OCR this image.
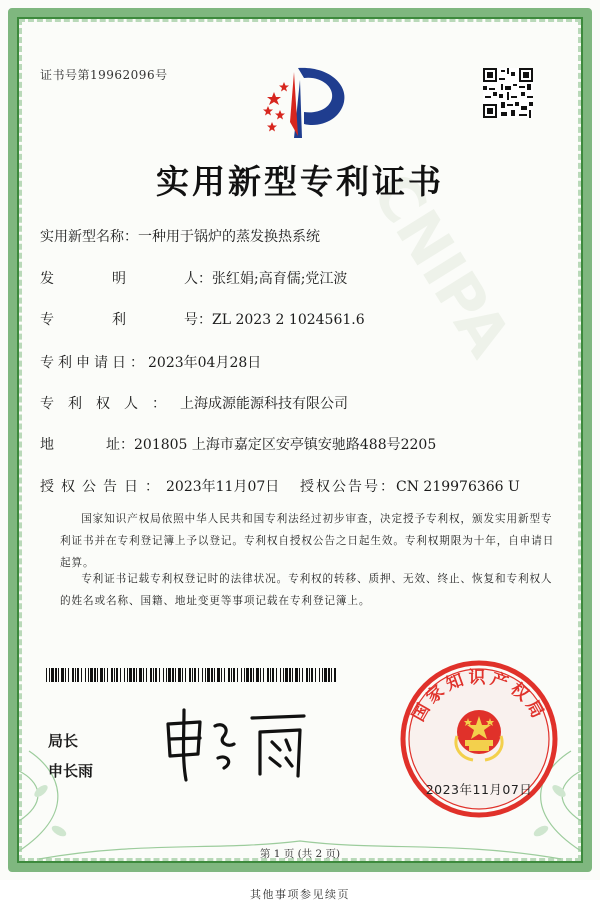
CNIPA
证书号第19962096号
实用新型专利证书
实用新型名称：一种用于锅炉的蒸发换热系统
发明人：张红娟;高育儒;党江波
专利号：ZL 2023 2 1024561.6
专利申请日：2023年04月28日
专利权人：上海成源能源科技有限公司
地	址：201805 上海市嘉定区安亭镇安驰路488号2205
授权公告日：2023年11月07日 授权公告号：CN 219976366 U
国家知识产权局依照中华人民共和国专利法经过初步审查，决定授予专利权，颁发实用新型专利证书并在专利登记簿上予以登记。专利权自授权公告之日起生效。专利权期限为十年，自申请日起算。
专利证书记载专利权登记时的法律状况。专利权的转移、质押、无效、终止、恢复和专利权人的姓名或名称、国籍、地址变更等事项记载在专利登记簿上。
局长
申长雨
国家知识产权局
2023年11月07日
第 1 页 (共 2 页)
其他事项参见续页
